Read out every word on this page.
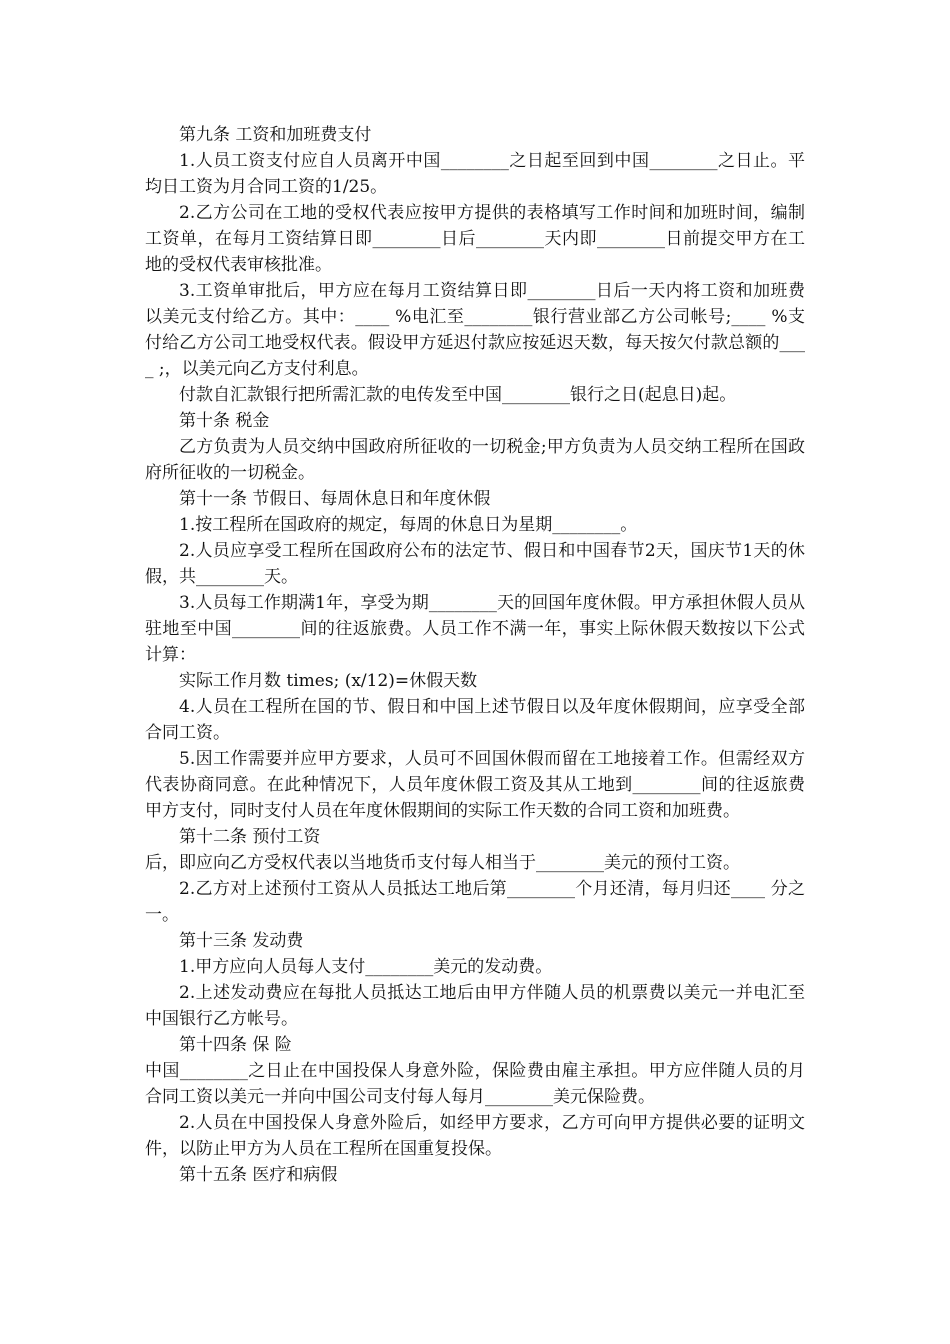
第九条 工资和加班费支付

1.人员工资支付应自人员离开中国________之日起至回到中国________之日止。平均日工资为月合同工资的1/25。

2.乙方公司在工地的受权代表应按甲方提供的表格填写工作时间和加班时间，编制工资单，在每月工资结算日即________日后________天内即________日前提交甲方在工地的受权代表审核批准。

3.工资单审批后，甲方应在每月工资结算日即________日后一天内将工资和加班费以美元支付给乙方。其中：____ %电汇至________银行营业部乙方公司帐号;____ %支付给乙方公司工地受权代表。假设甲方延迟付款应按延迟天数，每天按欠付款总额的____ ;，以美元向乙方支付利息。

付款自汇款银行把所需汇款的电传发至中国________银行之日(起息日)起。

第十条 税金

乙方负责为人员交纳中国政府所征收的一切税金;甲方负责为人员交纳工程所在国政府所征收的一切税金。

第十一条 节假日、每周休息日和年度休假

1.按工程所在国政府的规定，每周的休息日为星期________。

2.人员应享受工程所在国政府公布的法定节、假日和中国春节2天，国庆节1天的休假，共________天。

3.人员每工作期满1年，享受为期________天的回国年度休假。甲方承担休假人员从驻地至中国________间的往返旅费。人员工作不满一年，事实上际休假天数按以下公式计算：

实际工作月数 times; (x/12)=休假天数

4.人员在工程所在国的节、假日和中国上述节假日以及年度休假期间，应享受全部合同工资。

5.因工作需要并应甲方要求，人员可不回国休假而留在工地接着工作。但需经双方代表协商同意。在此种情况下，人员年度休假工资及其从工地到________间的往返旅费甲方支付，同时支付人员在年度休假期间的实际工作天数的合同工资和加班费。

第十二条 预付工资

后，即应向乙方受权代表以当地货币支付每人相当于________美元的预付工资。

2.乙方对上述预付工资从人员抵达工地后第________个月还清，每月归还____ 分之一。

第十三条 发动费

1.甲方应向人员每人支付________美元的发动费。

2.上述发动费应在每批人员抵达工地后由甲方伴随人员的机票费以美元一并电汇至中国银行乙方帐号。

第十四条 保 险

中国________之日止在中国投保人身意外险，保险费由雇主承担。甲方应伴随人员的月合同工资以美元一并向中国公司支付每人每月________美元保险费。

2.人员在中国投保人身意外险后，如经甲方要求，乙方可向甲方提供必要的证明文件，以防止甲方为人员在工程所在国重复投保。

第十五条 医疗和病假
